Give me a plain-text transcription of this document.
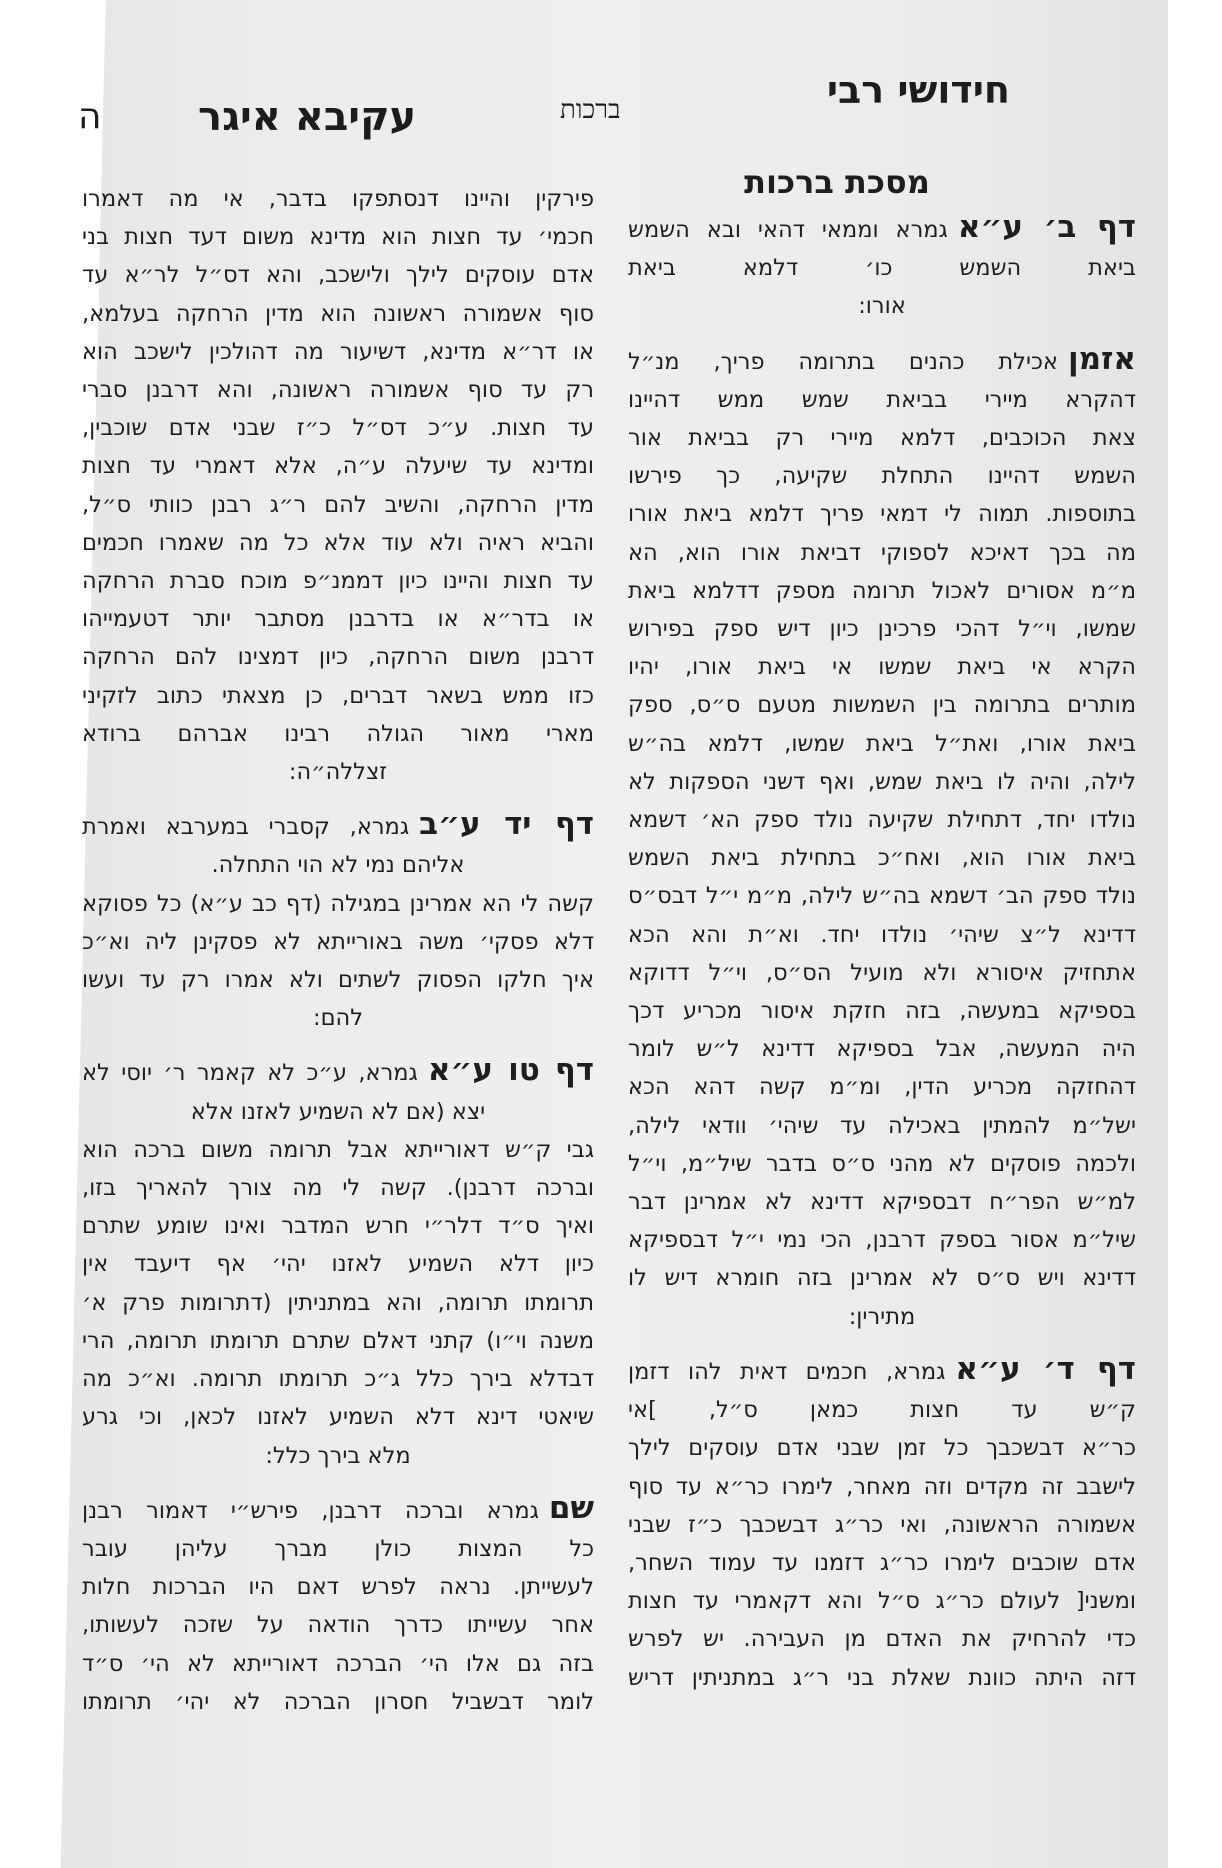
חידושי רבי
ברכות
עקיבא איגר
ה
מסכת ברכות
דף ב׳ ע״אגמרא וממאי דהאי ובא השמש
ביאת השמש כו׳ דלמא ביאת
אורו:
אזמןאכילת כהנים בתרומה פריך, מנ״ל
דהקרא מיירי בביאת שמש ממש דהיינו
צאת הכוכבים, דלמא מיירי רק בביאת אור
השמש דהיינו התחלת שקיעה, כך פירשו
בתוספות. תמוה לי דמאי פריך דלמא ביאת אורו
מה בכך דאיכא לספוקי דביאת אורו הוא, הא
מ״מ אסורים לאכול תרומה מספק דדלמא ביאת
שמשו, וי״ל דהכי פרכינן כיון דיש ספק בפירוש
הקרא אי ביאת שמשו אי ביאת אורו, יהיו
מותרים בתרומה בין השמשות מטעם ס״ס, ספק
ביאת אורו, ואת״ל ביאת שמשו, דלמא בה״ש
לילה, והיה לו ביאת שמש, ואף דשני הספקות לא
נולדו יחד, דתחילת שקיעה נולד ספק הא׳ דשמא
ביאת אורו הוא, ואח״כ בתחילת ביאת השמש
נולד ספק הב׳ דשמא בה״ש לילה, מ״מ י״ל דבס״ס
דדינא ל״צ שיהי׳ נולדו יחד. וא״ת והא הכא
אתחזיק איסורא ולא מועיל הס״ס, וי״ל דדוקא
בספיקא במעשה, בזה חזקת איסור מכריע דכך
היה המעשה, אבל בספיקא דדינא ל״ש לומר
דהחזקה מכריע הדין, ומ״מ קשה דהא הכא
ישל״מ להמתין באכילה עד שיהי׳ וודאי לילה,
ולכמה פוסקים לא מהני ס״ס בדבר שיל״מ, וי״ל
למ״ש הפר״ח דבספיקא דדינא לא אמרינן דבר
שיל״מ אסור בספק דרבנן, הכי נמי י״ל דבספיקא
דדינא ויש ס״ס לא אמרינן בזה חומרא דיש לו
מתירין:
דף ד׳ ע״אגמרא, חכמים דאית להו דזמן
ק״ש עד חצות כמאן ס״ל, ]אי
כר״א דבשכבך כל זמן שבני אדם עוסקים לילך
לישבב זה מקדים וזה מאחר, לימרו כר״א עד סוף
אשמורה הראשונה, ואי כר״ג דבשכבך כ״ז שבני
אדם שוכבים לימרו כר״ג דזמנו עד עמוד השחר,
ומשני[ לעולם כר״ג ס״ל והא דקאמרי עד חצות
כדי להרחיק את האדם מן העבירה. יש לפרש
דזה היתה כוונת שאלת בני ר״ג במתניתין דריש
פירקין והיינו דנסתפקו בדבר, אי מה דאמרו
חכמי׳ עד חצות הוא מדינא משום דעד חצות בני
אדם עוסקים לילך ולישכב, והא דס״ל לר״א עד
סוף אשמורה ראשונה הוא מדין הרחקה בעלמא,
או דר״א מדינא, דשיעור מה דהולכין לישכב הוא
רק עד סוף אשמורה ראשונה, והא דרבנן סברי
עד חצות. ע״כ דס״ל כ״ז שבני אדם שוכבין,
ומדינא עד שיעלה ע״ה, אלא דאמרי עד חצות
מדין הרחקה, והשיב להם ר״ג רבנן כוותי ס״ל,
והביא ראיה ולא עוד אלא כל מה שאמרו חכמים
עד חצות והיינו כיון דממנ״פ מוכח סברת הרחקה
או בדר״א או בדרבנן מסתבר יותר דטעמייהו
דרבנן משום הרחקה, כיון דמצינו להם הרחקה
כזו ממש בשאר דברים, כן מצאתי כתוב לזקיני
מארי מאור הגולה רבינו אברהם ברודא
זצללה״ה:
דף יד ע״בגמרא, קסברי במערבא ואמרת
אליהם נמי לא הוי התחלה.
קשה לי הא אמרינן במגילה (דף כב ע״א) כל פסוקא
דלא פסקי׳ משה באורייתא לא פסקינן ליה וא״כ
איך חלקו הפסוק לשתים ולא אמרו רק עד ועשו
להם:
דף טו ע״אגמרא, ע״כ לא קאמר ר׳ יוסי לא
יצא (אם לא השמיע לאזנו אלא
גבי ק״ש דאורייתא אבל תרומה משום ברכה הוא
וברכה דרבנן). קשה לי מה צורך להאריך בזו,
ואיך ס״ד דלר״י חרש המדבר ואינו שומע שתרם
כיון דלא השמיע לאזנו יהי׳ אף דיעבד אין
תרומתו תרומה, והא במתניתין (דתרומות פרק א׳
משנה וי״ו) קתני דאלם שתרם תרומתו תרומה, הרי
דבדלא בירך כלל ג״כ תרומתו תרומה. וא״כ מה
שיאטי דינא דלא השמיע לאזנו לכאן, וכי גרע
מלא בירך כלל:
שםגמרא וברכה דרבנן, פירש״י דאמור רבנן
כל המצות כולן מברך עליהן עובר
לעשייתן. נראה לפרש דאם היו הברכות חלות
אחר עשייתו כדרך הודאה על שזכה לעשותו,
בזה גם אלו הי׳ הברכה דאורייתא לא הי׳ ס״ד
לומר דבשביל חסרון הברכה לא יהי׳ תרומתו
